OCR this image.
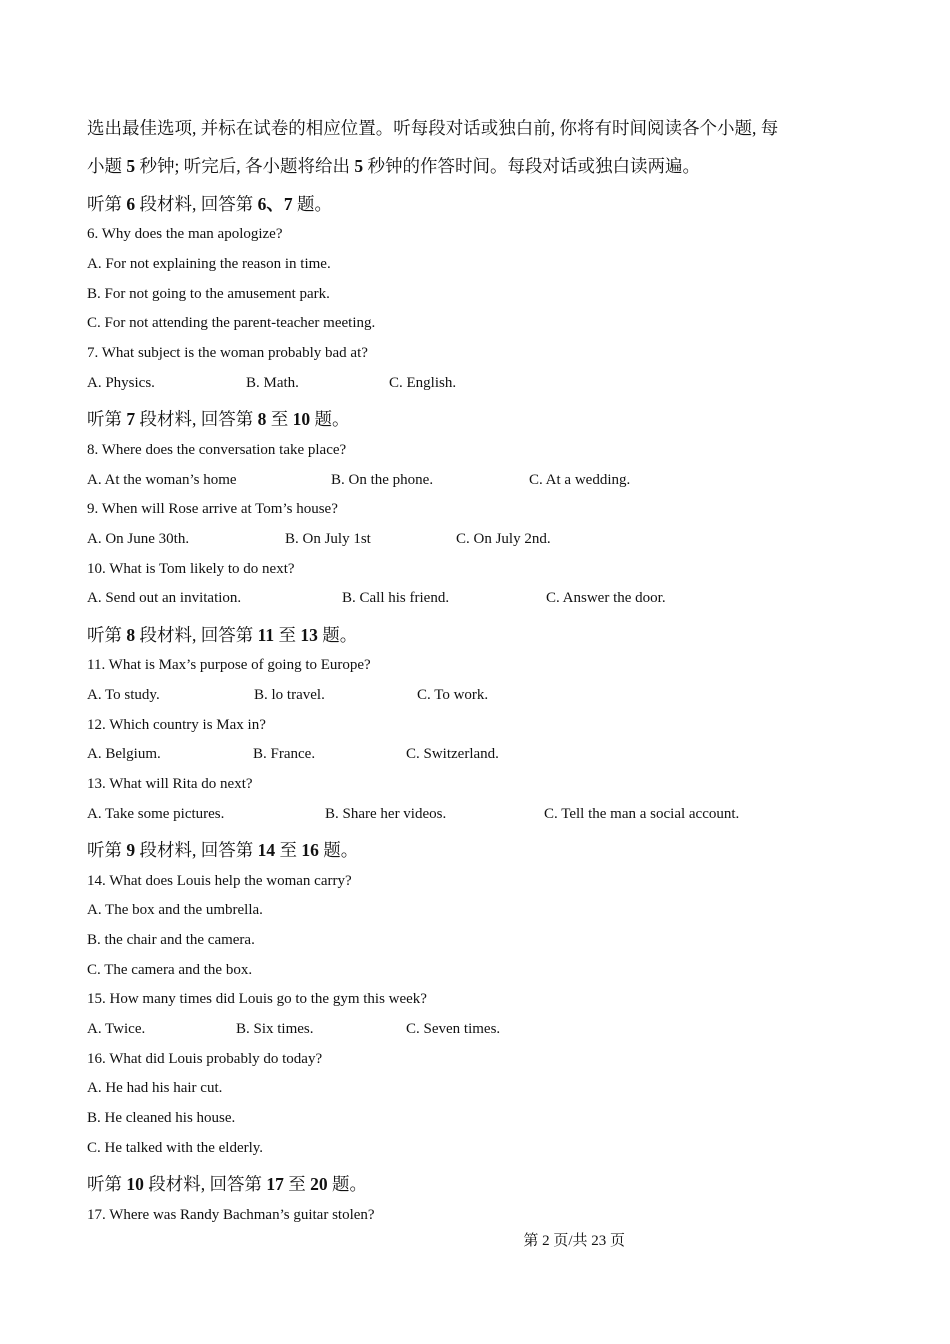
选出最佳选项, 并标在试卷的相应位置。听每段对话或独白前, 你将有时间阅读各个小题, 每
小题 5 秒钟; 听完后, 各小题将给出 5 秒钟的作答时间。每段对话或独白读两遍。
听第 6 段材料, 回答第 6、7 题。
6. Why does the man apologize?
A. For not explaining the reason in time.
B. For not going to the amusement park.
C. For not attending the parent-teacher meeting.
7. What subject is the woman probably bad at?
A. Physics.	B. Math.	C. English.
听第 7 段材料, 回答第 8 至 10 题。
8. Where does the conversation take place?
A. At the woman’s home	B. On the phone.	C. At a wedding.
9. When will Rose arrive at Tom’s house?
A. On June 30th.	B. On July 1st	C. On July 2nd.
10. What is Tom likely to do next?
A. Send out an invitation.	B. Call his friend.	C. Answer the door.
听第 8 段材料, 回答第 11 至 13 题。
11. What is Max’s purpose of going to Europe?
A. To study.	B. lo travel.	C. To work.
12. Which country is Max in?
A. Belgium.	B. France.	C. Switzerland.
13. What will Rita do next?
A. Take some pictures.	B. Share her videos.	C. Tell the man a social account.
听第 9 段材料, 回答第 14 至 16 题。
14. What does Louis help the woman carry?
A. The box and the umbrella.
B. the chair and the camera.
C. The camera and the box.
15. How many times did Louis go to the gym this week?
A. Twice.	B. Six times.	C. Seven times.
16. What did Louis probably do today?
A. He had his hair cut.
B. He cleaned his house.
C. He talked with the elderly.
听第 10 段材料, 回答第 17 至 20 题。
17. Where was Randy Bachman’s guitar stolen?
第 2 页/共 23 页
